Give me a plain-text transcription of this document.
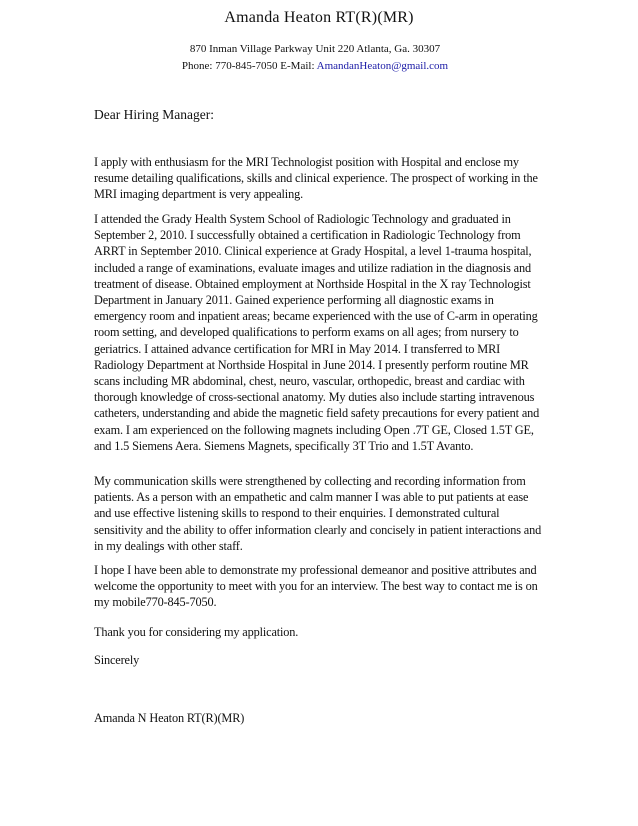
Amanda Heaton RT(R)(MR)
870 Inman Village Parkway Unit 220 Atlanta, Ga. 30307
Phone: 770-845-7050 E-Mail: AmandanHeaton@gmail.com
Dear Hiring Manager:

I apply with enthusiasm for the MRI Technologist position with Hospital and enclose my resume detailing qualifications, skills and clinical experience. The prospect of working in the MRI imaging department is very appealing.

I attended the Grady Health System School of Radiologic Technology and graduated in September 2, 2010. I successfully obtained a certification in Radiologic Technology from ARRT in September 2010. Clinical experience at Grady Hospital, a level 1-trauma hospital, included a range of examinations, evaluate images and utilize radiation in the diagnosis and treatment of disease. Obtained employment at Northside Hospital in the X ray Technologist Department in January 2011. Gained experience performing all diagnostic exams in emergency room and inpatient areas; became experienced with the use of C-arm in operating room setting, and developed qualifications to perform exams on all ages; from nursery to geriatrics. I attained advance certification for MRI in May 2014. I transferred to MRI Radiology Department at Northside Hospital in June 2014. I presently perform routine MR scans including MR abdominal, chest, neuro, vascular, orthopedic, breast and cardiac with thorough knowledge of cross-sectional anatomy. My duties also include starting intravenous catheters, understanding and abide the magnetic field safety precautions for every patient and exam. I am experienced on the following magnets including Open .7T GE, Closed 1.5T GE, and 1.5 Siemens Aera. Siemens Magnets, specifically 3T Trio and 1.5T Avanto.

My communication skills were strengthened by collecting and recording information from patients. As a person with an empathetic and calm manner I was able to put patients at ease and use effective listening skills to respond to their enquiries. I demonstrated cultural sensitivity and the ability to offer information clearly and concisely in patient interactions and in my dealings with other staff.

I hope I have been able to demonstrate my professional demeanor and positive attributes and welcome the opportunity to meet with you for an interview. The best way to contact me is on my mobile770-845-7050.

Thank you for considering my application.

Sincerely

Amanda N Heaton RT(R)(MR)
